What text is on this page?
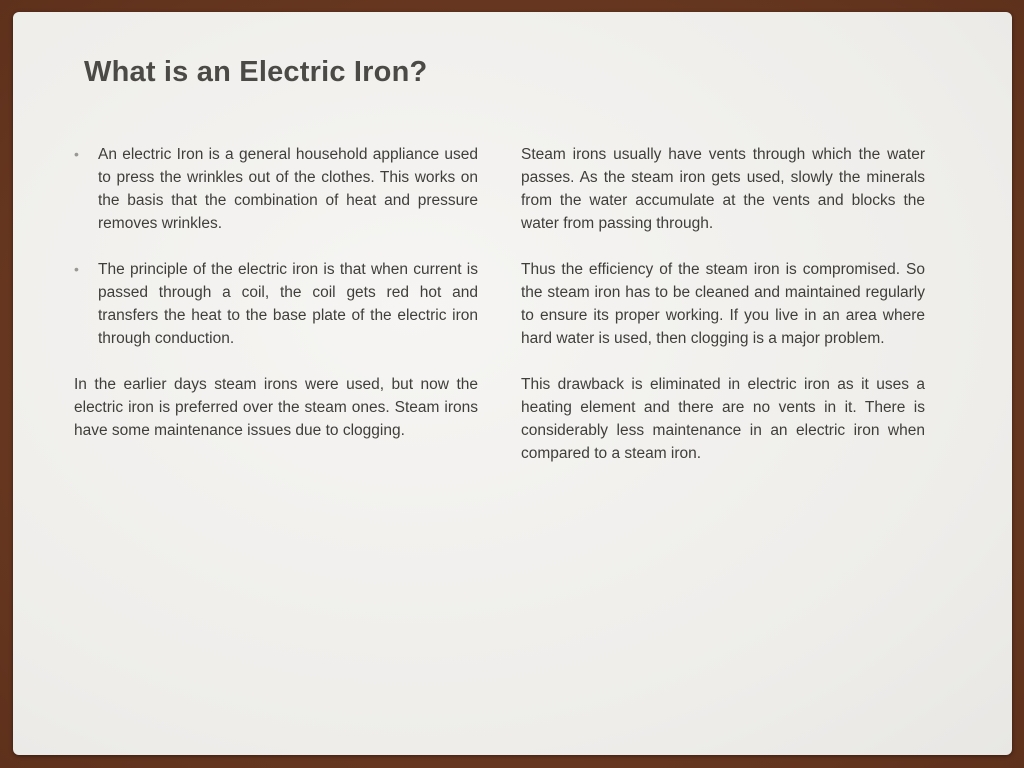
What is an Electric Iron?
• An electric Iron is a general household appliance used to press the wrinkles out of the clothes. This works on the basis that the combination of heat and pressure removes wrinkles.
• The principle of the electric iron is that when current is passed through a coil, the coil gets red hot and transfers the heat to the base plate of the electric iron through conduction.

In the earlier days steam irons were used, but now the electric iron is preferred over the steam ones. Steam irons have some maintenance issues due to clogging.

Steam irons usually have vents through which the water passes. As the steam iron gets used, slowly the minerals from the water accumulate at the vents and blocks the water from passing through.

Thus the efficiency of the steam iron is compromised. So the steam iron has to be cleaned and maintained regularly to ensure its proper working. If you live in an area where hard water is used, then clogging is a major problem.

This drawback is eliminated in electric iron as it uses a heating element and there are no vents in it. There is considerably less maintenance in an electric iron when compared to a steam iron.
